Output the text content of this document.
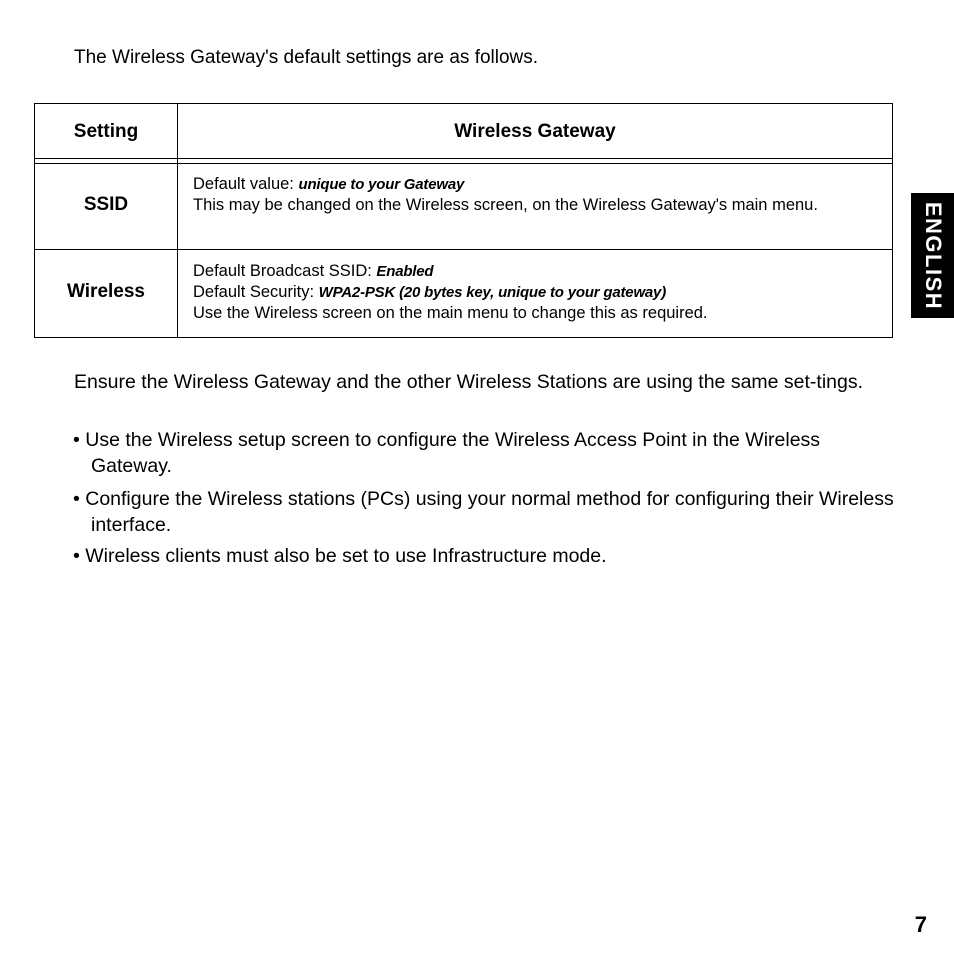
The Wireless Gateway's default settings are as follows.
Setting	Wireless Gateway
SSID
Default value: unique to your Gateway
This may be changed on the Wireless screen, on the Wireless Gateway's main menu.
Wireless
Default Broadcast SSID: Enabled
Default Security: WPA2-PSK (20 bytes key, unique to your gateway)
Use the Wireless screen on the main menu to change this as required.
Ensure the Wireless Gateway and the other Wireless Stations are using the same set-tings.
• Use the Wireless setup screen to configure the Wireless Access Point in the Wireless Gateway.
• Configure the Wireless stations (PCs) using your normal method for configuring their Wireless interface.
• Wireless clients must also be set to use Infrastructure mode.
ENGLISH
7
